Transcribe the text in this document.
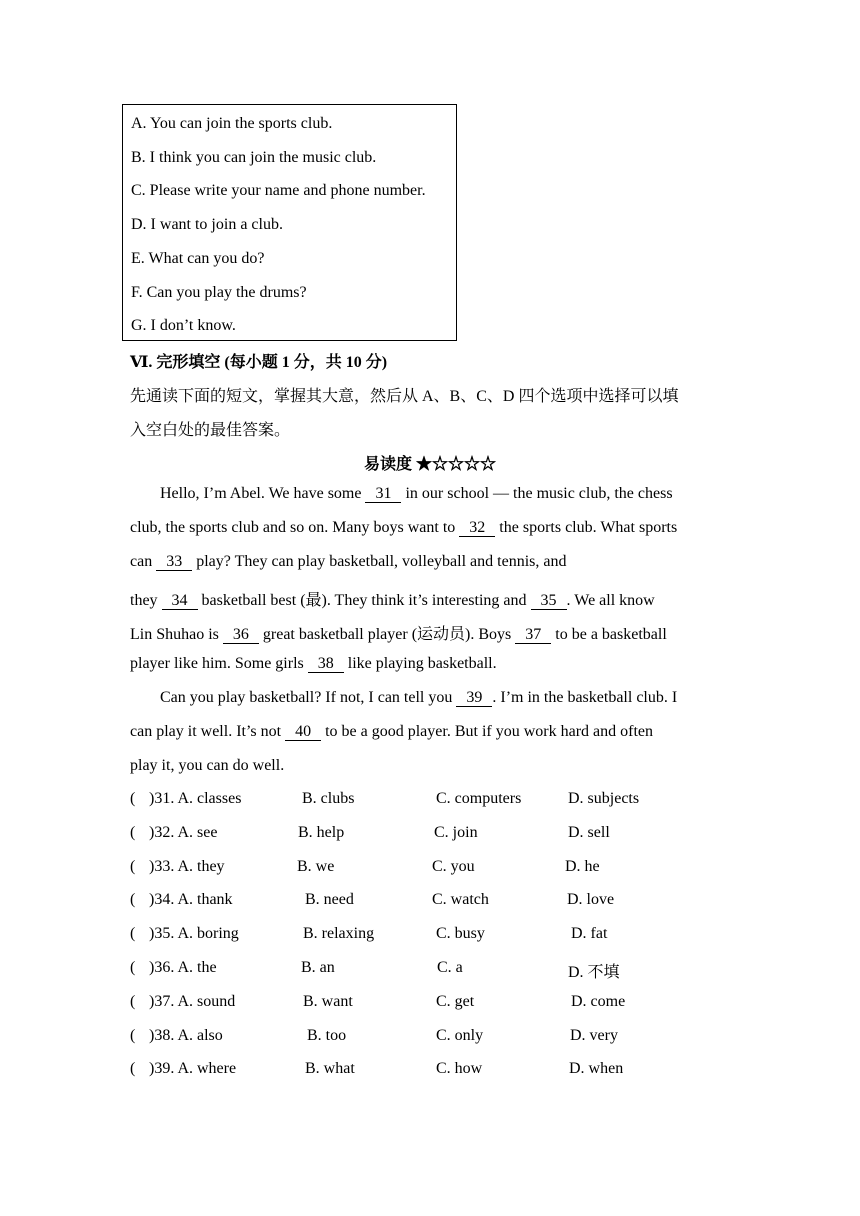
A. You can join the sports club.
B. I think you can join the music club.
C. Please write your name and phone number.
D. I want to join a club.
E. What can you do?
F. Can you play the drums?
G. I don’t know.
Ⅵ. 完形填空 (每小题 1 分，共 10 分)
先通读下面的短文，掌握其大意，然后从 A、B、C、D 四个选项中选择可以填
入空白处的最佳答案。
易读度 ★☆☆☆☆
Hello, I’m Abel. We have some 31 in our school — the music club, the chess
club, the sports club and so on. Many boys want to 32 the sports club. What sports
can 33 play? They can play basketball, volleyball and tennis, and
they 34 basketball best (最). They think it’s interesting and 35 . We all know
Lin Shuhao is 36 great basketball player (运动员). Boys 37 to be a basketball
player like him. Some girls 38 like playing basketball.
Can you play basketball? If not, I can tell you 39 . I’m in the basketball club. I
can play it well. It’s not 40 to be a good player. But if you work hard and often
play it, you can do well.
( )31. A. classes	B. clubs	C. computers	D. subjects
( )32. A. see	B. help	C. join	D. sell
( )33. A. they	B. we	C. you	D. he
( )34. A. thank	B. need	C. watch	D. love
( )35. A. boring	B. relaxing	C. busy	D. fat
( )36. A. the	B. an	C. a	D. 不填
( )37. A. sound	B. want	C. get	D. come
( )38. A. also	B. too	C. only	D. very
( )39. A. where	B. what	C. how	D. when
